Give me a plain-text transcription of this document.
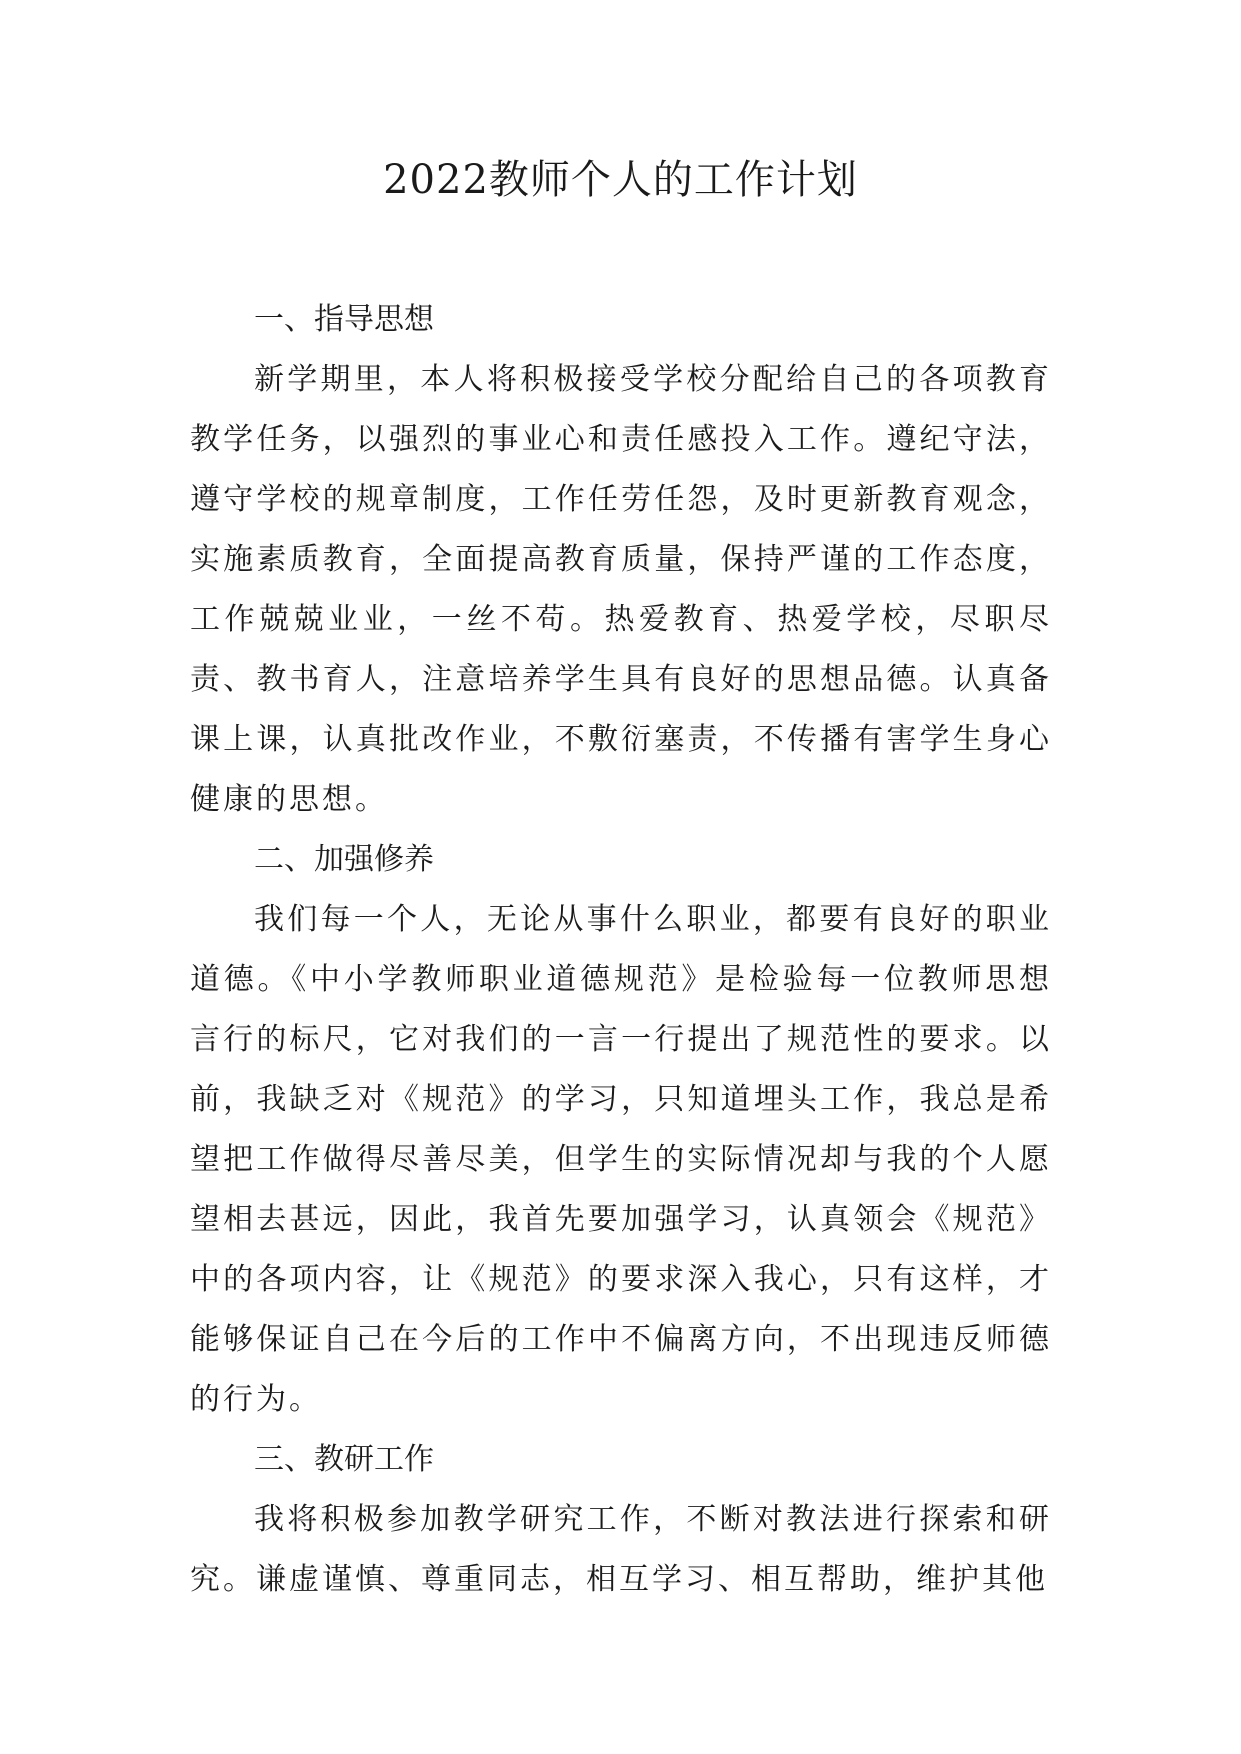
2022教师个人的工作计划
一、指导思想

新学期里，本人将积极接受学校分配给自己的各项教育教学任务，以强烈的事业心和责任感投入工作。遵纪守法，遵守学校的规章制度，工作任劳任怨，及时更新教育观念，实施素质教育，全面提高教育质量，保持严谨的工作态度，工作兢兢业业，一丝不苟。热爱教育、热爱学校，尽职尽责、教书育人，注意培养学生具有良好的思想品德。认真备课上课，认真批改作业，不敷衍塞责，不传播有害学生身心健康的思想。

二、加强修养

我们每一个人，无论从事什么职业，都要有良好的职业道德。《中小学教师职业道德规范》是检验每一位教师思想言行的标尺，它对我们的一言一行提出了规范性的要求。以前，我缺乏对《规范》的学习，只知道埋头工作，我总是希望把工作做得尽善尽美，但学生的实际情况却与我的个人愿望相去甚远，因此，我首先要加强学习，认真领会《规范》中的各项内容，让《规范》的要求深入我心，只有这样，才能够保证自己在今后的工作中不偏离方向，不出现违反师德的行为。

三、教研工作

我将积极参加教学研究工作，不断对教法进行探索和研究。谦虚谨慎、尊重同志，相互学习、相互帮助，维护其他
